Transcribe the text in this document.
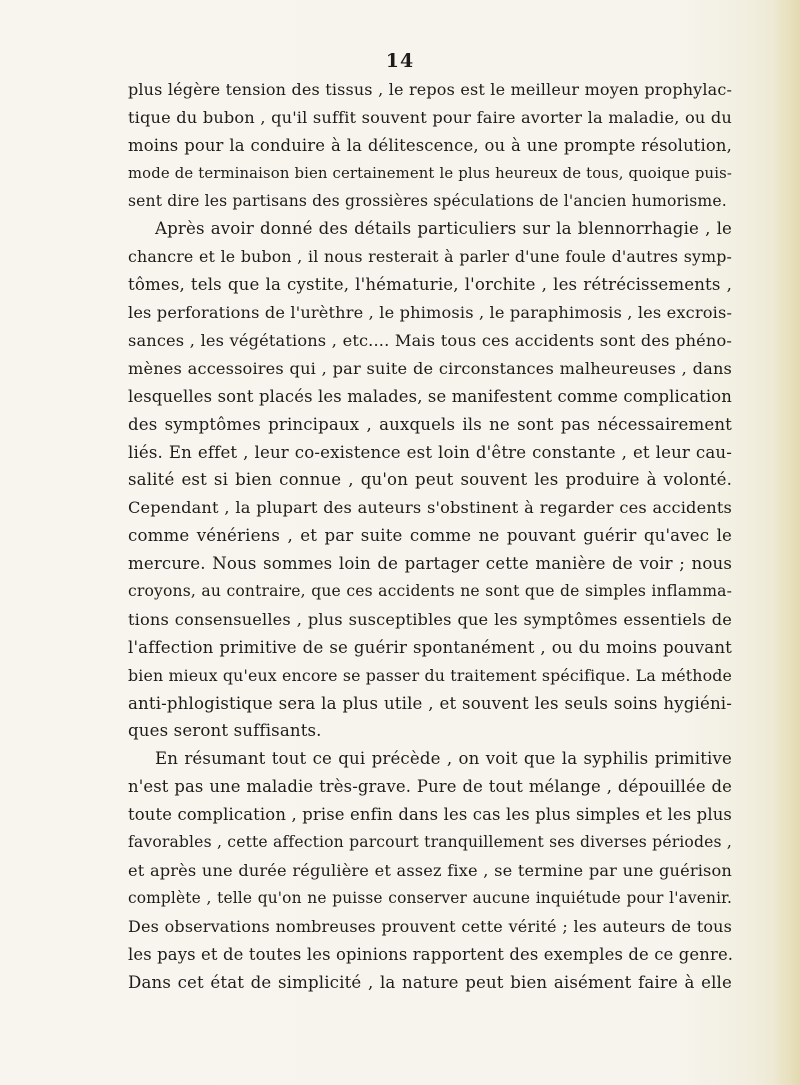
14
plus légère tension des tissus , le repos est le meilleur moyen prophylac-
tique du bubon , qu'il suffit souvent pour faire avorter la maladie, ou du
moins pour la conduire à la délitescence, ou à une prompte résolution,
mode de terminaison bien certainement le plus heureux de tous, quoique puis-
sent dire les partisans des grossières spéculations de l'ancien humorisme.
Après avoir donné des détails particuliers sur la blennorrhagie , le
chancre et le bubon , il nous resterait à parler d'une foule d'autres symp-
tômes, tels que la cystite, l'hématurie, l'orchite , les rétrécissements ,
les perforations de l'urèthre , le phimosis , le paraphimosis , les excrois-
sances , les végétations , etc.... Mais tous ces accidents sont des phéno-
mènes accessoires qui , par suite de circonstances malheureuses , dans
lesquelles sont placés les malades, se manifestent comme complication
des symptômes principaux , auxquels ils ne sont pas nécessairement
liés. En effet , leur co-existence est loin d'être constante , et leur cau-
salité est si bien connue , qu'on peut souvent les produire à volonté.
Cependant , la plupart des auteurs s'obstinent à regarder ces accidents
comme vénériens , et par suite comme ne pouvant guérir qu'avec le
mercure. Nous sommes loin de partager cette manière de voir ; nous
croyons, au contraire, que ces accidents ne sont que de simples inflamma-
tions consensuelles , plus susceptibles que les symptômes essentiels de
l'affection primitive de se guérir spontanément , ou du moins pouvant
bien mieux qu'eux encore se passer du traitement spécifique. La méthode
anti-phlogistique sera la plus utile , et souvent les seuls soins hygiéni-
ques seront suffisants.
En résumant tout ce qui précède , on voit que la syphilis primitive
n'est pas une maladie très-grave. Pure de tout mélange , dépouillée de
toute complication , prise enfin dans les cas les plus simples et les plus
favorables , cette affection parcourt tranquillement ses diverses périodes ,
et après une durée régulière et assez fixe , se termine par une guérison
complète , telle qu'on ne puisse conserver aucune inquiétude pour l'avenir.
Des observations nombreuses prouvent cette vérité ; les auteurs de tous
les pays et de toutes les opinions rapportent des exemples de ce genre.
Dans cet état de simplicité , la nature peut bien aisément faire à elle
